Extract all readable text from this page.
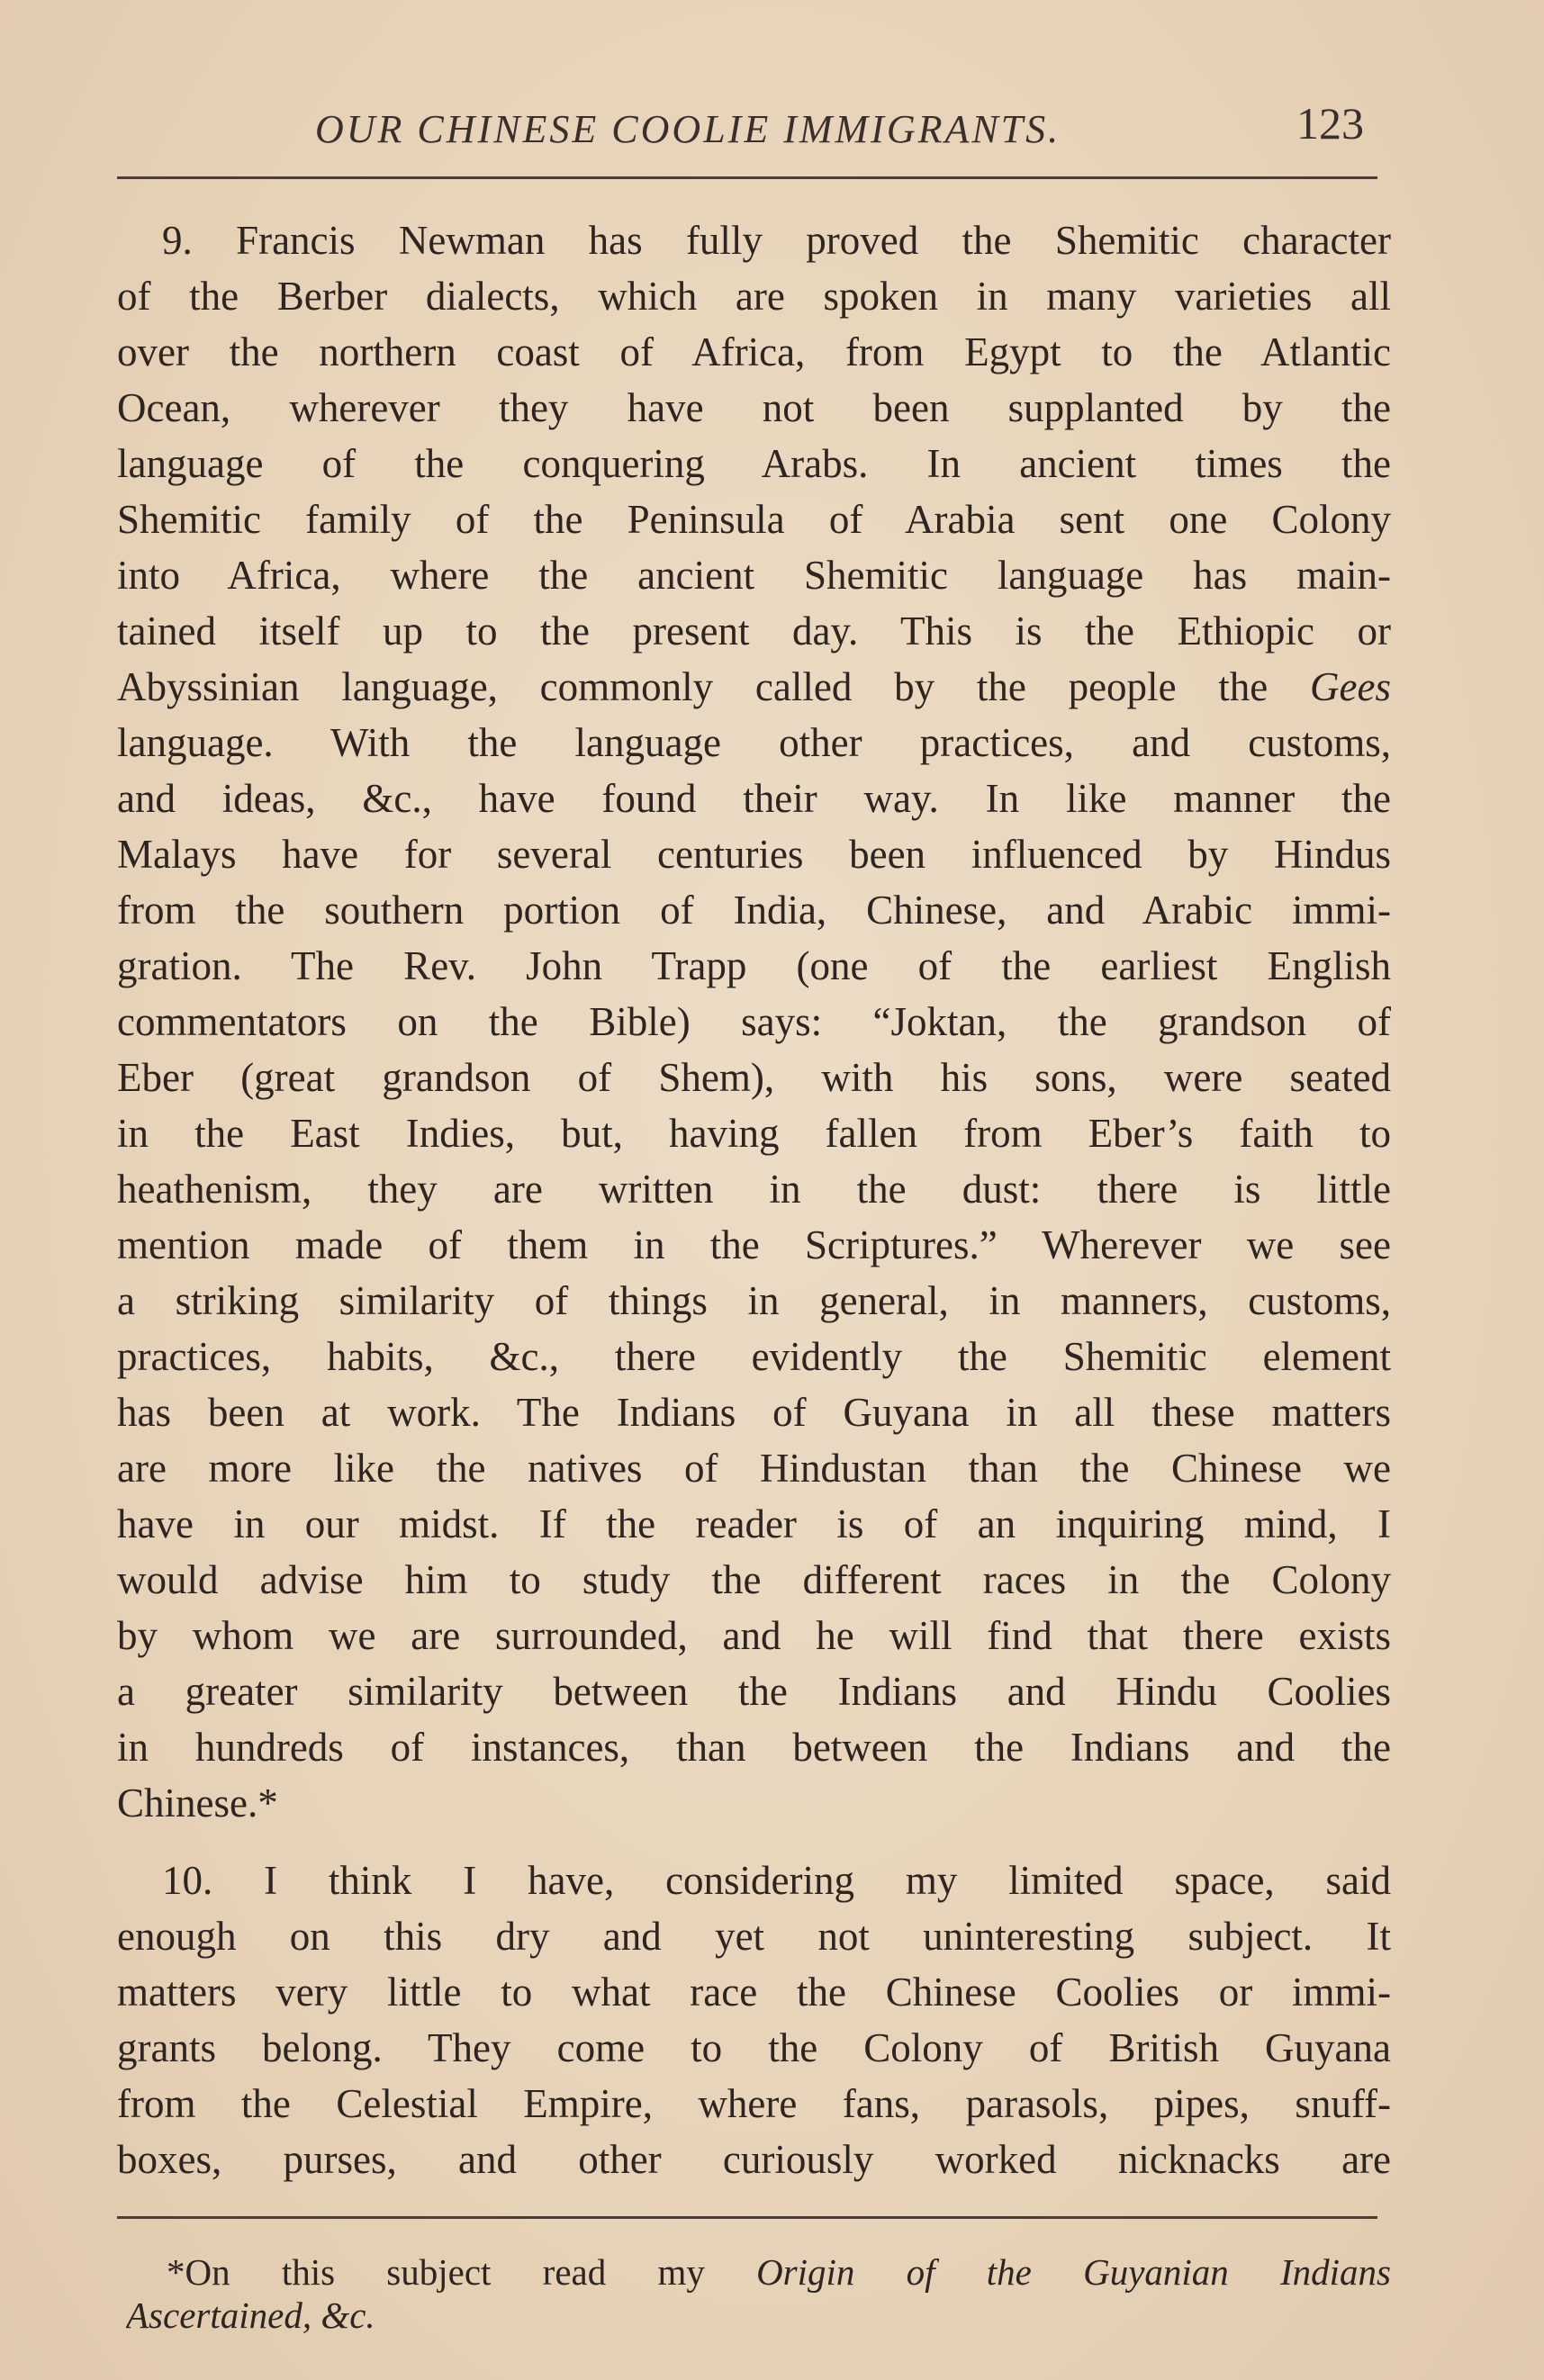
OUR CHINESE COOLIE IMMIGRANTS.	123
9. Francis Newman has fully proved the Shemitic character
of the Berber dialects, which are spoken in many varieties all
over the northern coast of Africa, from Egypt to the Atlantic
Ocean, wherever they have not been supplanted by the
language of the conquering Arabs. In ancient times the
Shemitic family of the Peninsula of Arabia sent one Colony
into Africa, where the ancient Shemitic language has main-
tained itself up to the present day. This is the Ethiopic or
Abyssinian language, commonly called by the people the Gees
language. With the language other practices, and customs,
and ideas, &c., have found their way. In like manner the
Malays have for several centuries been influenced by Hindus
from the southern portion of India, Chinese, and Arabic immi-
gration. The Rev. John Trapp (one of the earliest English
commentators on the Bible) says: “Joktan, the grandson of
Eber (great grandson of Shem), with his sons, were seated
in the East Indies, but, having fallen from Eber’s faith to
heathenism, they are written in the dust: there is little
mention made of them in the Scriptures.” Wherever we see
a striking similarity of things in general, in manners, customs,
practices, habits, &c., there evidently the Shemitic element
has been at work. The Indians of Guyana in all these matters
are more like the natives of Hindustan than the Chinese we
have in our midst. If the reader is of an inquiring mind, I
would advise him to study the different races in the Colony
by whom we are surrounded, and he will find that there exists
a greater similarity between the Indians and Hindu Coolies
in hundreds of instances, than between the Indians and the
Chinese.*
10. I think I have, considering my limited space, said
enough on this dry and yet not uninteresting subject. It
matters very little to what race the Chinese Coolies or immi-
grants belong. They come to the Colony of British Guyana
from the Celestial Empire, where fans, parasols, pipes, snuff-
boxes, purses, and other curiously worked nicknacks are
*On this subject read my Origin of the Guyanian Indians
Ascertained, &c.
